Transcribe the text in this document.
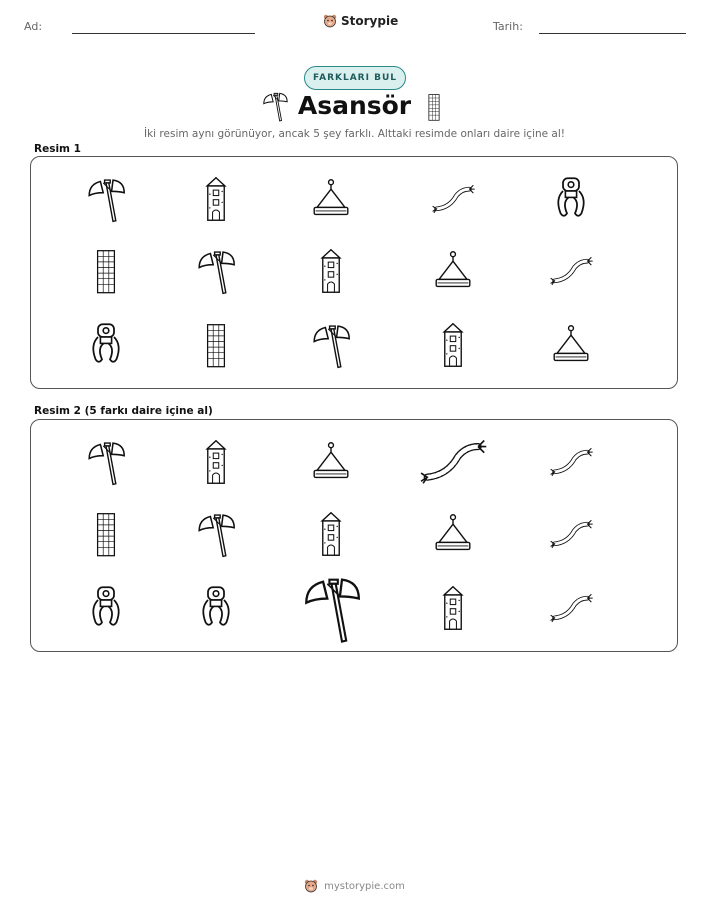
Ad:	Storypie	Tarih:
FARKLARI BUL
Asansör
İki resim aynı görünüyor, ancak 5 şey farklı. Alttaki resimde onları daire içine al!
Resim 1
Resim 2 (5 farkı daire içine al)
mystorypie.com
